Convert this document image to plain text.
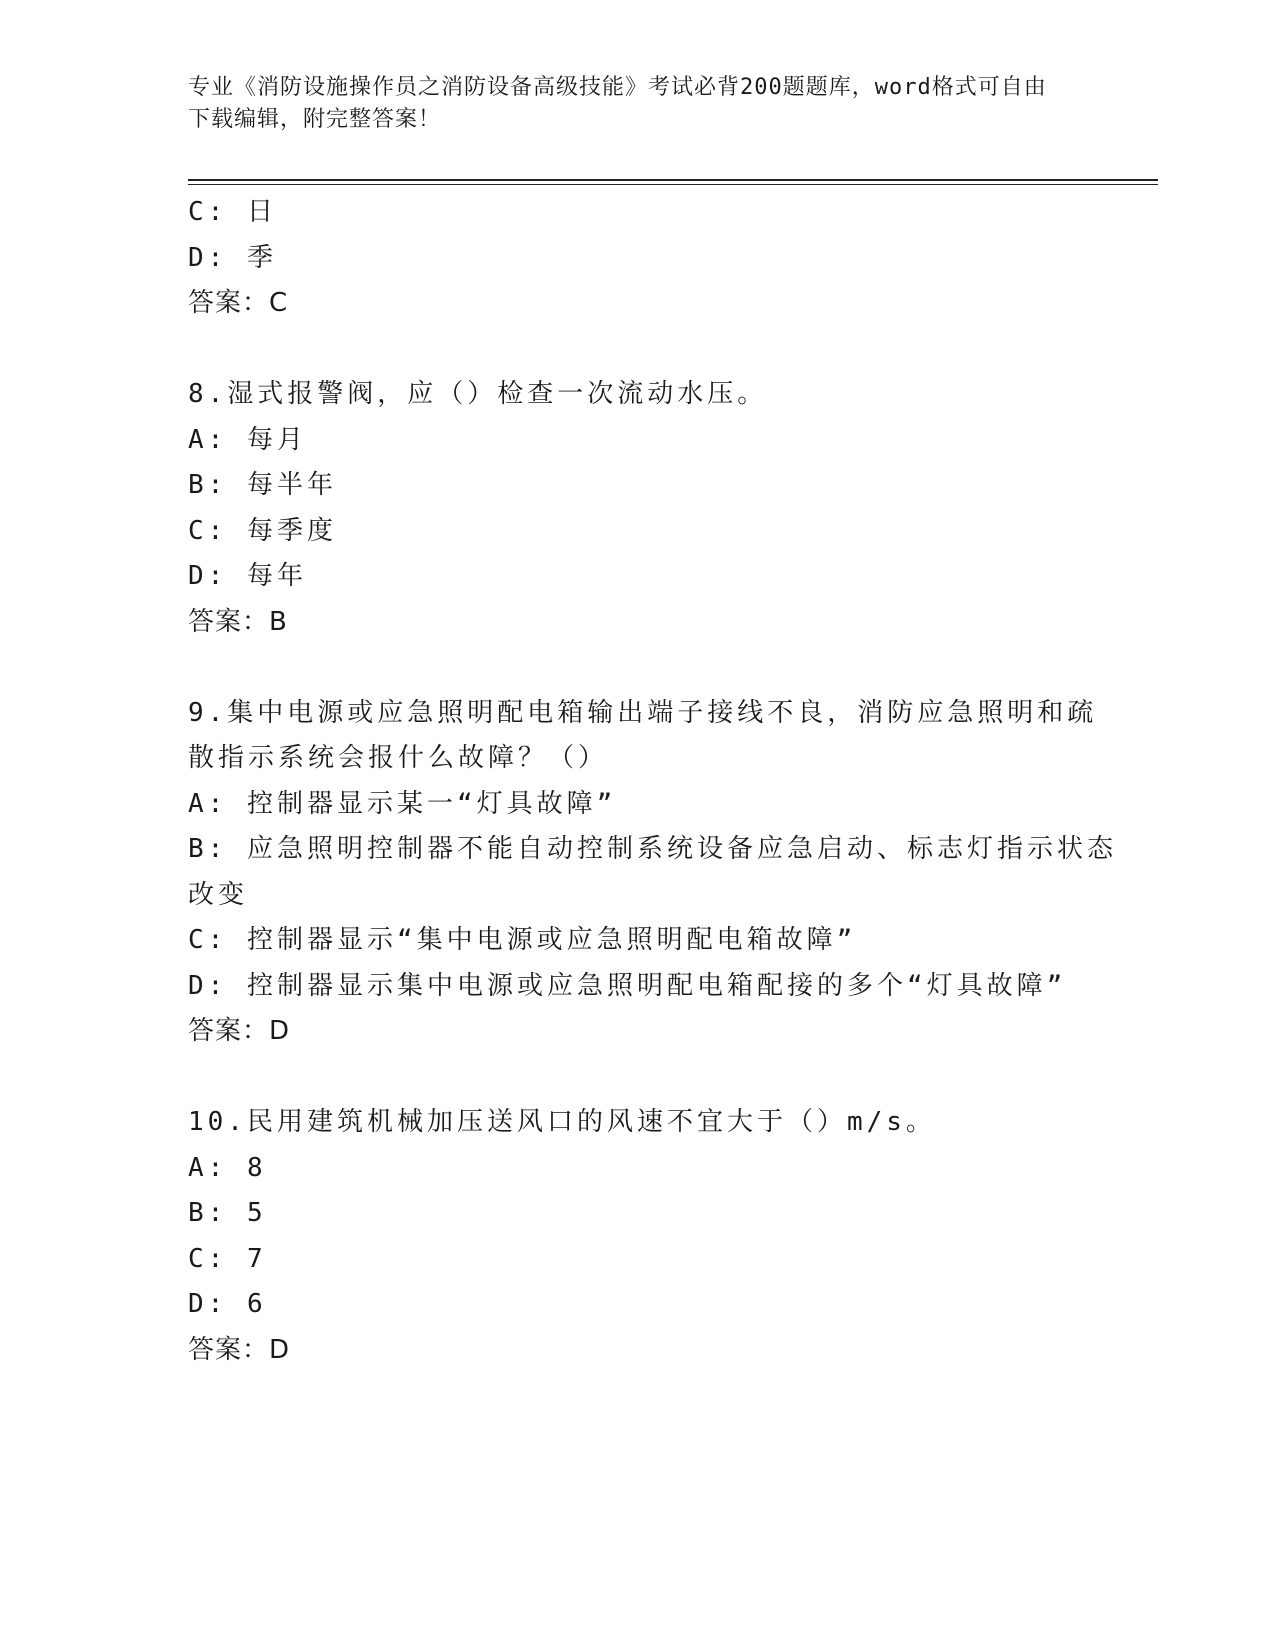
专业《消防设施操作员之消防设备高级技能》考试必背200题题库，word格式可自由下载编辑，附完整答案！
C: 日
D: 季
答案：C
8.湿式报警阀，应（）检查一次流动水压。
A: 每月
B: 每半年
C: 每季度
D: 每年
答案：B
9.集中电源或应急照明配电箱输出端子接线不良，消防应急照明和疏
散指示系统会报什么故障？（）
A: 控制器显示某一“灯具故障”
B: 应急照明控制器不能自动控制系统设备应急启动、标志灯指示状态
改变
C: 控制器显示“集中电源或应急照明配电箱故障”
D: 控制器显示集中电源或应急照明配电箱配接的多个“灯具故障”
答案：D
10.民用建筑机械加压送风口的风速不宜大于（）m/s。
A: 8
B: 5
C: 7
D: 6
答案：D
